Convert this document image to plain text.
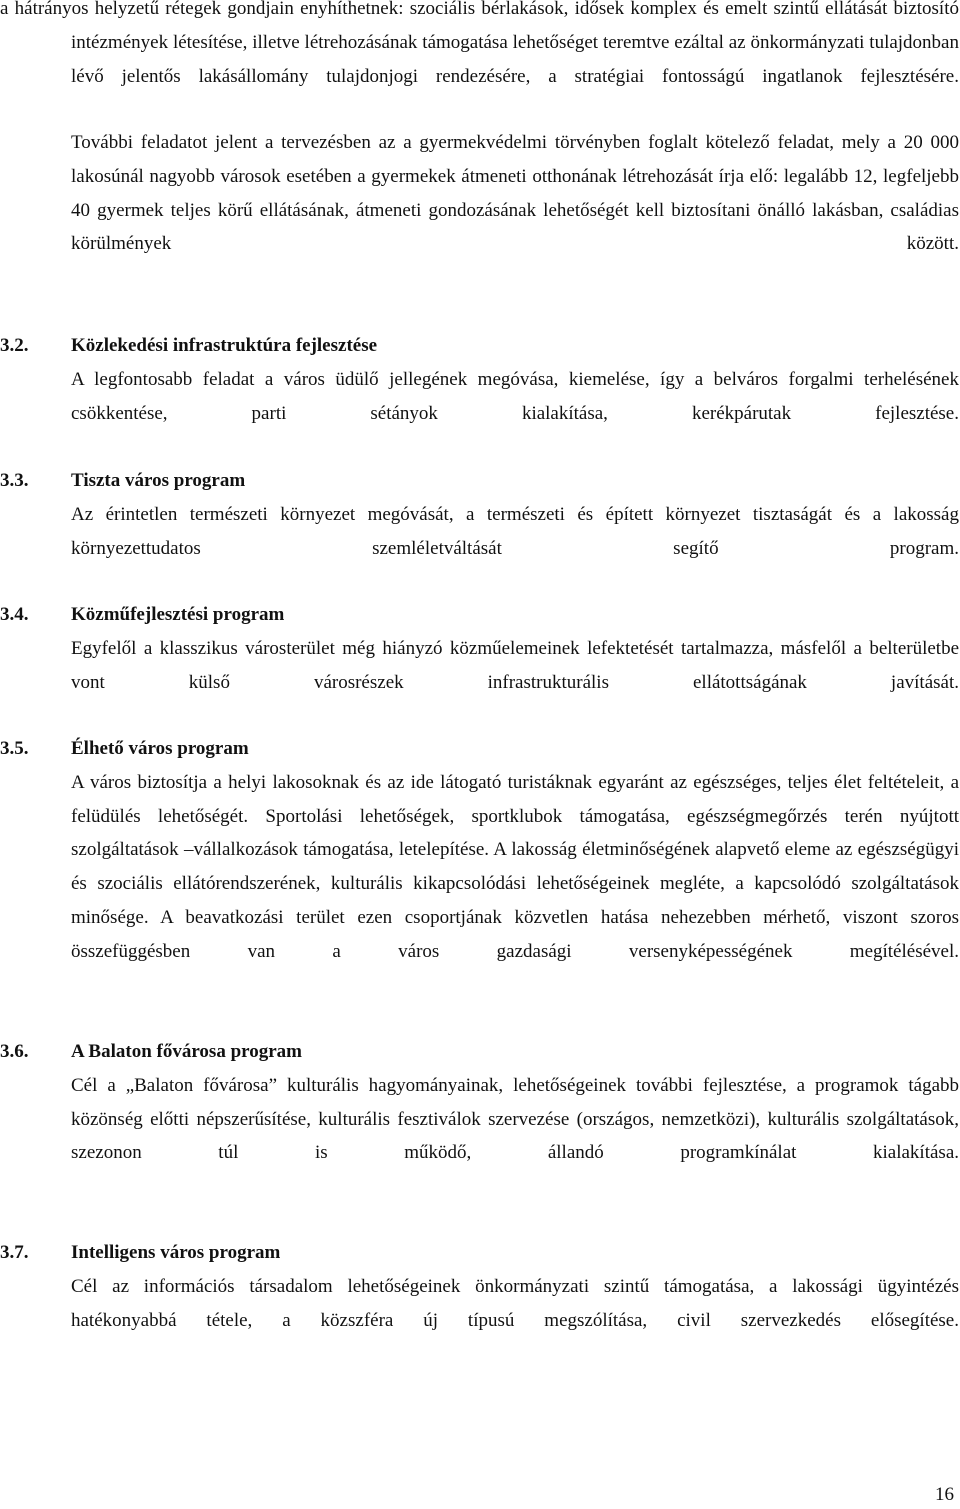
a hátrányos helyzetű rétegek gondjain enyhíthetnek: szociális bérlakások, idősek komplex és emelt szintű ellátását biztosító intézmények létesítése, illetve létrehozásának támogatása lehetőséget teremtve ezáltal az önkormányzati tulajdonban lévő jelentős lakásállomány tulajdonjogi rendezésére, a stratégiai fontosságú ingatlanok fejlesztésére.

További feladatot jelent a tervezésben az a gyermekvédelmi törvényben foglalt kötelező feladat, mely a 20 000 lakosúnál nagyobb városok esetében a gyermekek átmeneti otthonának létrehozását írja elő: legalább 12, legfeljebb 40 gyermek teljes körű ellátásának, átmeneti gondozásának lehetőségét kell biztosítani önálló lakásban, családias körülmények között.

3.2. Közlekedési infrastruktúra fejlesztése

A legfontosabb feladat a város üdülő jellegének megóvása, kiemelése, így a belváros forgalmi terhelésének csökkentése, parti sétányok kialakítása, kerékpárutak fejlesztése.

3.3. Tiszta város program

Az érintetlen természeti környezet megóvását, a természeti és épített környezet tisztaságát és a lakosság környezettudatos szemléletváltását segítő program.

3.4. Közműfejlesztési program

Egyfelől a klasszikus városterület még hiányzó közműelemeinek lefektetését tartalmazza, másfelől a belterületbe vont külső városrészek infrastrukturális ellátottságának javítását.

3.5. Élhető város program

A város biztosítja a helyi lakosoknak és az ide látogató turistáknak egyaránt az egészséges, teljes élet feltételeit, a felüdülés lehetőségét. Sportolási lehetőségek, sportklubok támogatása, egészségmegőrzés terén nyújtott szolgáltatások –vállalkozások támogatása, letelepítése. A lakosság életminőségének alapvető eleme az egészségügyi és szociális ellátórendszerének, kulturális kikapcsolódási lehetőségeinek megléte, a kapcsolódó szolgáltatások minősége. A beavatkozási terület ezen csoportjának közvetlen hatása nehezebben mérhető, viszont szoros összefüggésben van a város gazdasági versenyképességének megítélésével.

3.6. A Balaton fővárosa program

Cél a „Balaton fővárosa” kulturális hagyományainak, lehetőségeinek további fejlesztése, a programok tágabb közönség előtti népszerűsítése, kulturális fesztiválok szervezése (országos, nemzetközi), kulturális szolgáltatások, szezonon túl is működő, állandó programkínálat kialakítása.

3.7. Intelligens város program

Cél az információs társadalom lehetőségeinek önkormányzati szintű támogatása, a lakossági ügyintézés hatékonyabbá tétele, a közszféra új típusú megszólítása, civil szervezkedés elősegítése.

16
